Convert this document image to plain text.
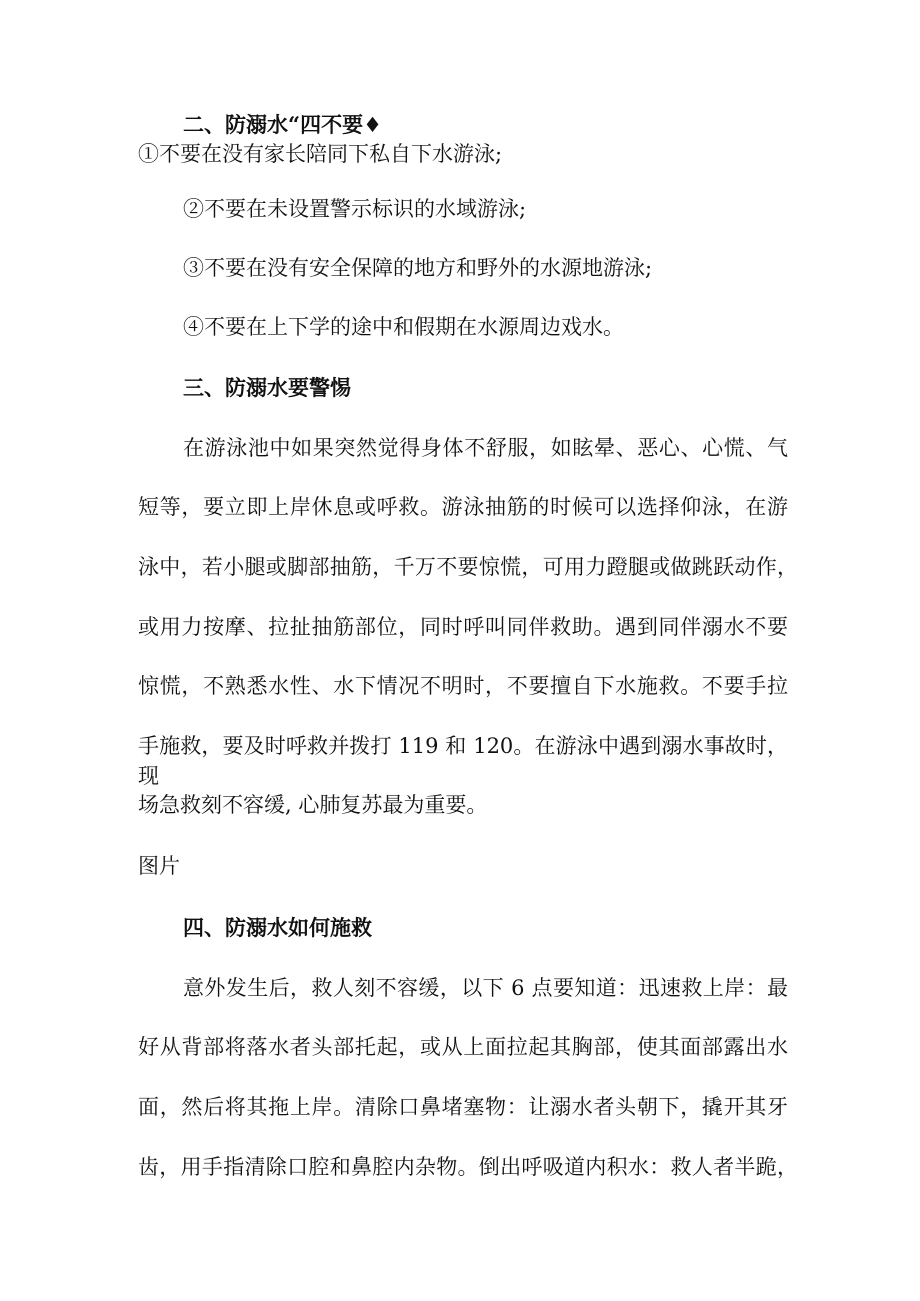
二、防溺水“四不要♦
①不要在没有家长陪同下私自下水游泳;
②不要在未设置警示标识的水域游泳;
③不要在没有安全保障的地方和野外的水源地游泳;
④不要在上下学的途中和假期在水源周边戏水。
三、防溺水要警惕
在游泳池中如果突然觉得身体不舒服，如眩晕、恶心、心慌、气
短等，要立即上岸休息或呼救。游泳抽筋的时候可以选择仰泳，在游
泳中，若小腿或脚部抽筋，千万不要惊慌，可用力蹬腿或做跳跃动作，
或用力按摩、拉扯抽筋部位，同时呼叫同伴救助。遇到同伴溺水不要
惊慌，不熟悉水性、水下情况不明时，不要擅自下水施救。不要手拉
手施救，要及时呼救并拨打 119 和 120。在游泳中遇到溺水事故时，现
场急救刻不容缓, 心肺复苏最为重要。
图片
四、防溺水如何施救
意外发生后，救人刻不容缓，以下 6 点要知道：迅速救上岸：最
好从背部将落水者头部托起，或从上面拉起其胸部，使其面部露出水
面，然后将其拖上岸。清除口鼻堵塞物：让溺水者头朝下，撬开其牙
齿，用手指清除口腔和鼻腔内杂物。倒出呼吸道内积水：救人者半跪，
